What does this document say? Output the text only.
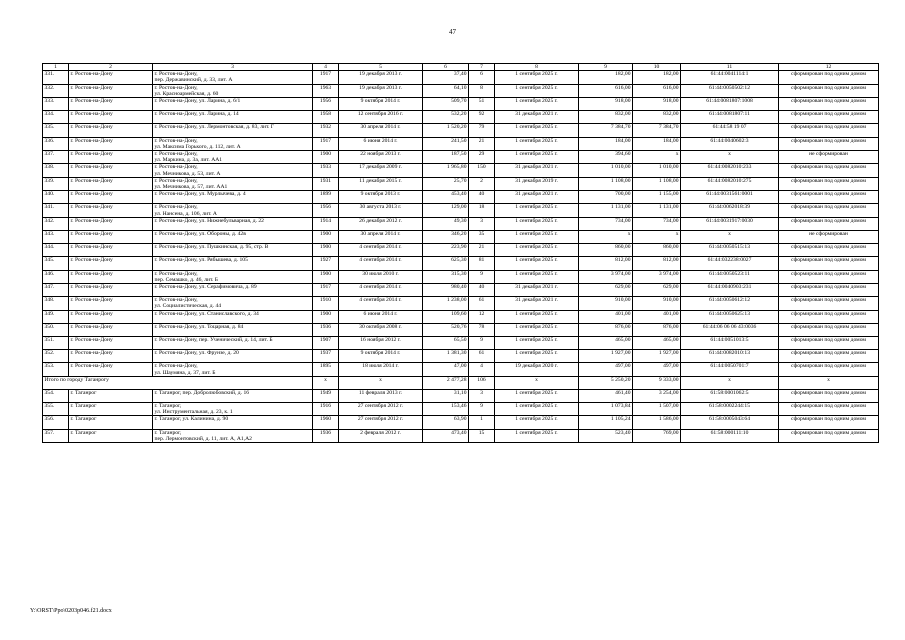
47
1	2	3	4	5	6	7	8	9	10	11	12
331.	г. Ростов-на-Дону	г. Ростов-на-Дону,
пер. Державинский, д. 33, лит. А	1917	19 декабря 2013 г.	37,40	6	1 сентября 2025 г.	182,00	182,00	61:44:0041114:1	сформирован под одним домом
332.	г. Ростов-на-Дону	г. Ростов-на-Дону,
ул. Красноармейская, д. 60	1963	19 декабря 2013 г.	64,10	8	1 сентября 2025 г.	616,00	616,00	61:44:0050502:12	сформирован под одним домом
333.	г. Ростов-на-Дону	г. Ростов-на-Дону, ул. Ларина, д. 6/1	1956	9 октября 2014 г.	509,70	51	1 сентября 2025 г.	918,00	918,00	61:44:0081807:1008	сформирован под одним домом
334.	г. Ростов-на-Дону	г. Ростов-на-Дону, ул. Ларина, д. 14	1958	12 сентября 2016 г.	532,20	92	31 декабря 2021 г.	832,00	832,00	61:44:0081807:11	сформирован под одним домом
335.	г. Ростов-на-Дону	г. Ростов-на-Дону, ул. Лермонтовская, д. 83, лит. Г	1932	30 апреля 2014 г.	1 520,20	79	1 сентября 2025 г.	7 384,70	7 384,70	61:44:58 19 07	сформирован под одним домом
336.	г. Ростов-на-Дону	г. Ростов-на-Дону,
ул. Максима Горького, д. 112, лит. А	1917	6 июня 2014 г.	241,50	21	1 сентября 2025 г.	184,00	184,00	61:44:0040602:3	сформирован под одним домом
337.	г. Ростов-на-Дону	г. Ростов-на-Дону,
ул. Маркина, д. 3а, лит. АА1	1900	22 ноября 2013 г.	187,50	29	1 сентября 2025 г.	394,60	х	х	не сформирован
338.	г. Ростов-на-Дону	г. Ростов-на-Дону,
ул. Мечникова, д. 53, лит. А	1933	17 декабря 2009 г.	1 965,80	150	31 декабря 2021 г.	1 010,00	1 010,00	61:44:0082010:233	сформирован под одним домом
339.	г. Ростов-на-Дону	г. Ростов-на-Дону,
ул. Мечникова, д. 57, лит. АА1	1931	11 декабря 2015 г.	25,70	2	31 декабря 2019 г.	1 108,00	1 108,00	61:44:0082010:275	сформирован под одним домом
340.	г. Ростов-на-Дону	г. Ростов-на-Дону, ул. Мурлычева, д. 4	1899	9 октября 2013 г.	453,40	40	31 декабря 2021 г.	700,00	1 155,00	61:44:0031561:0001	сформирован под одним домом
341.	г. Ростов-на-Дону	г. Ростов-на-Дону,
ул. Нансена, д. 106, лит. А	1956	30 августа 2013 г.	129,00	18	1 сентября 2025 г.	1 131,00	1 131,00	61:44:0062018:39	сформирован под одним домом
342.	г. Ростов-на-Дону	г. Ростов-на-Дону, ул. Нижнебульварная, д. 22	1914	26 декабря 2012 г.	49,30	3	1 сентября 2025 г.	734,00	734,00	61:44:0031917:0030	сформирован под одним домом
343.	г. Ростов-на-Дону	г. Ростов-на-Дону, ул. Обороны, д. 42в	1900	30 апреля 2014 г.	346,20	35	1 сентября 2025 г.	х	х	х	не сформирован
344.	г. Ростов-на-Дону	г. Ростов-на-Дону, ул. Пушкинская, д. 95, стр. В	1900	4 сентября 2014 г.	223,90	21	1 сентября 2025 г.	860,00	860,00	61:44:0050515:13	сформирован под одним домом
345.	г. Ростов-на-Дону	г. Ростов-на-Дону, ул. Рябышева, д. 105	1927	4 сентября 2014 г.	625,30	81	1 сентября 2025 г.	812,00	812,00	61:44:032238:0027	сформирован под одним домом
346.	г. Ростов-на-Дону	г. Ростов-на-Дону,
пер. Семашко, д. 46, лит. Б	1900	30 июля 2010 г.	315,30	9	1 сентября 2025 г.	3 974,00	3 974,00	61:44:0050523:11	сформирован под одним домом
347.	г. Ростов-на-Дону	г. Ростов-на-Дону, ул. Серафимовича, д. 89	1917	4 сентября 2014 г.	980,40	40	31 декабря 2021 г.	629,00	629,00	61:44:0040903:231	сформирован под одним домом
348.	г. Ростов-на-Дону	г. Ростов-на-Дону,
ул. Социалистическая, д. 44	1910	4 сентября 2014 г.	1 238,00	61	31 декабря 2021 г.	910,00	910,00	61:44:0050612:12	сформирован под одним домом
349.	г. Ростов-на-Дону	г. Ростов-на-Дону, ул. Станиславского, д. 34	1900	6 июня 2014 г.	109,60	12	1 сентября 2025 г.	401,00	401,00	61:44:0050625:13	сформирован под одним домом
350.	г. Ростов-на-Дону	г. Ростов-на-Дону, ул. Тоцарная, д. 84	1936	30 октября 2008 г.	520,76	78	1 сентября 2025 г.	876,00	876,00	61:44:06 06 06 43:0036	сформирован под одним домом
351.	г. Ростов-на-Дону	г. Ростов-на-Дону, пер. Ученический, д. 14, лит. Б	1907	16 ноября 2012 г.	65,50	9	1 сентября 2025 г.	465,00	465,00	61:44:0051013:5	сформирован под одним домом
352.	г. Ростов-на-Дону	г. Ростов-на-Дону, ул. Фрунзе, д. 20	1937	9 октября 2014 г.	1 381,30	61	1 сентября 2025 г.	1 927,00	1 927,00	61:44:0082010:13	сформирован под одним домом
353.	г. Ростов-на-Дону	г. Ростов-на-Дону,
ул. Шаумяна, д. 37, лит. Б	1895	18 июля 2014 г.	47,00	4	19 декабря 2020 г.	497,00	497,00	61:44:0050701:7	сформирован под одним домом
Итого по городу Таганрогу			х	х	2 477,28	106	х	5 250,20	9 333,00	х	х
354.	г. Таганрог	г. Таганрог, пер. Добролюбовский, д. 16	1949	11 февраля 2013 г.	31,10	3	1 сентября 2025 г.	461,40	3 254,00	61:58:0001062:5	сформирован под одним домом
355.	г. Таганрог	г. Таганрог,
ул. Инструментальная, д. 23, к. 1	1916	27 сентября 2012 г.	153,46	9	1 сентября 2025 г.	1 073,84	1 507,00	61:58:0002244:15	сформирован под одним домом
356.	г. Таганрог	г. Таганрог, ул. Калинина, д. 90	1960	27 сентября 2012 г.	63,90	1	1 сентября 2025 г.	1 105,24	1 586,00	61:58:0005043:64	сформирован под одним домом
357.	г. Таганрог	г. Таганрог,
пер. Лермонтовский, д. 11, лит. А, А1,А2	1936	2 февраля 2012 г.	473,40	15	1 сентября 2025 г.	523,40	769,00	61:58:000111:10	сформирован под одним домом
Y:\ORST\Ppo\0203p046.f21.docx
